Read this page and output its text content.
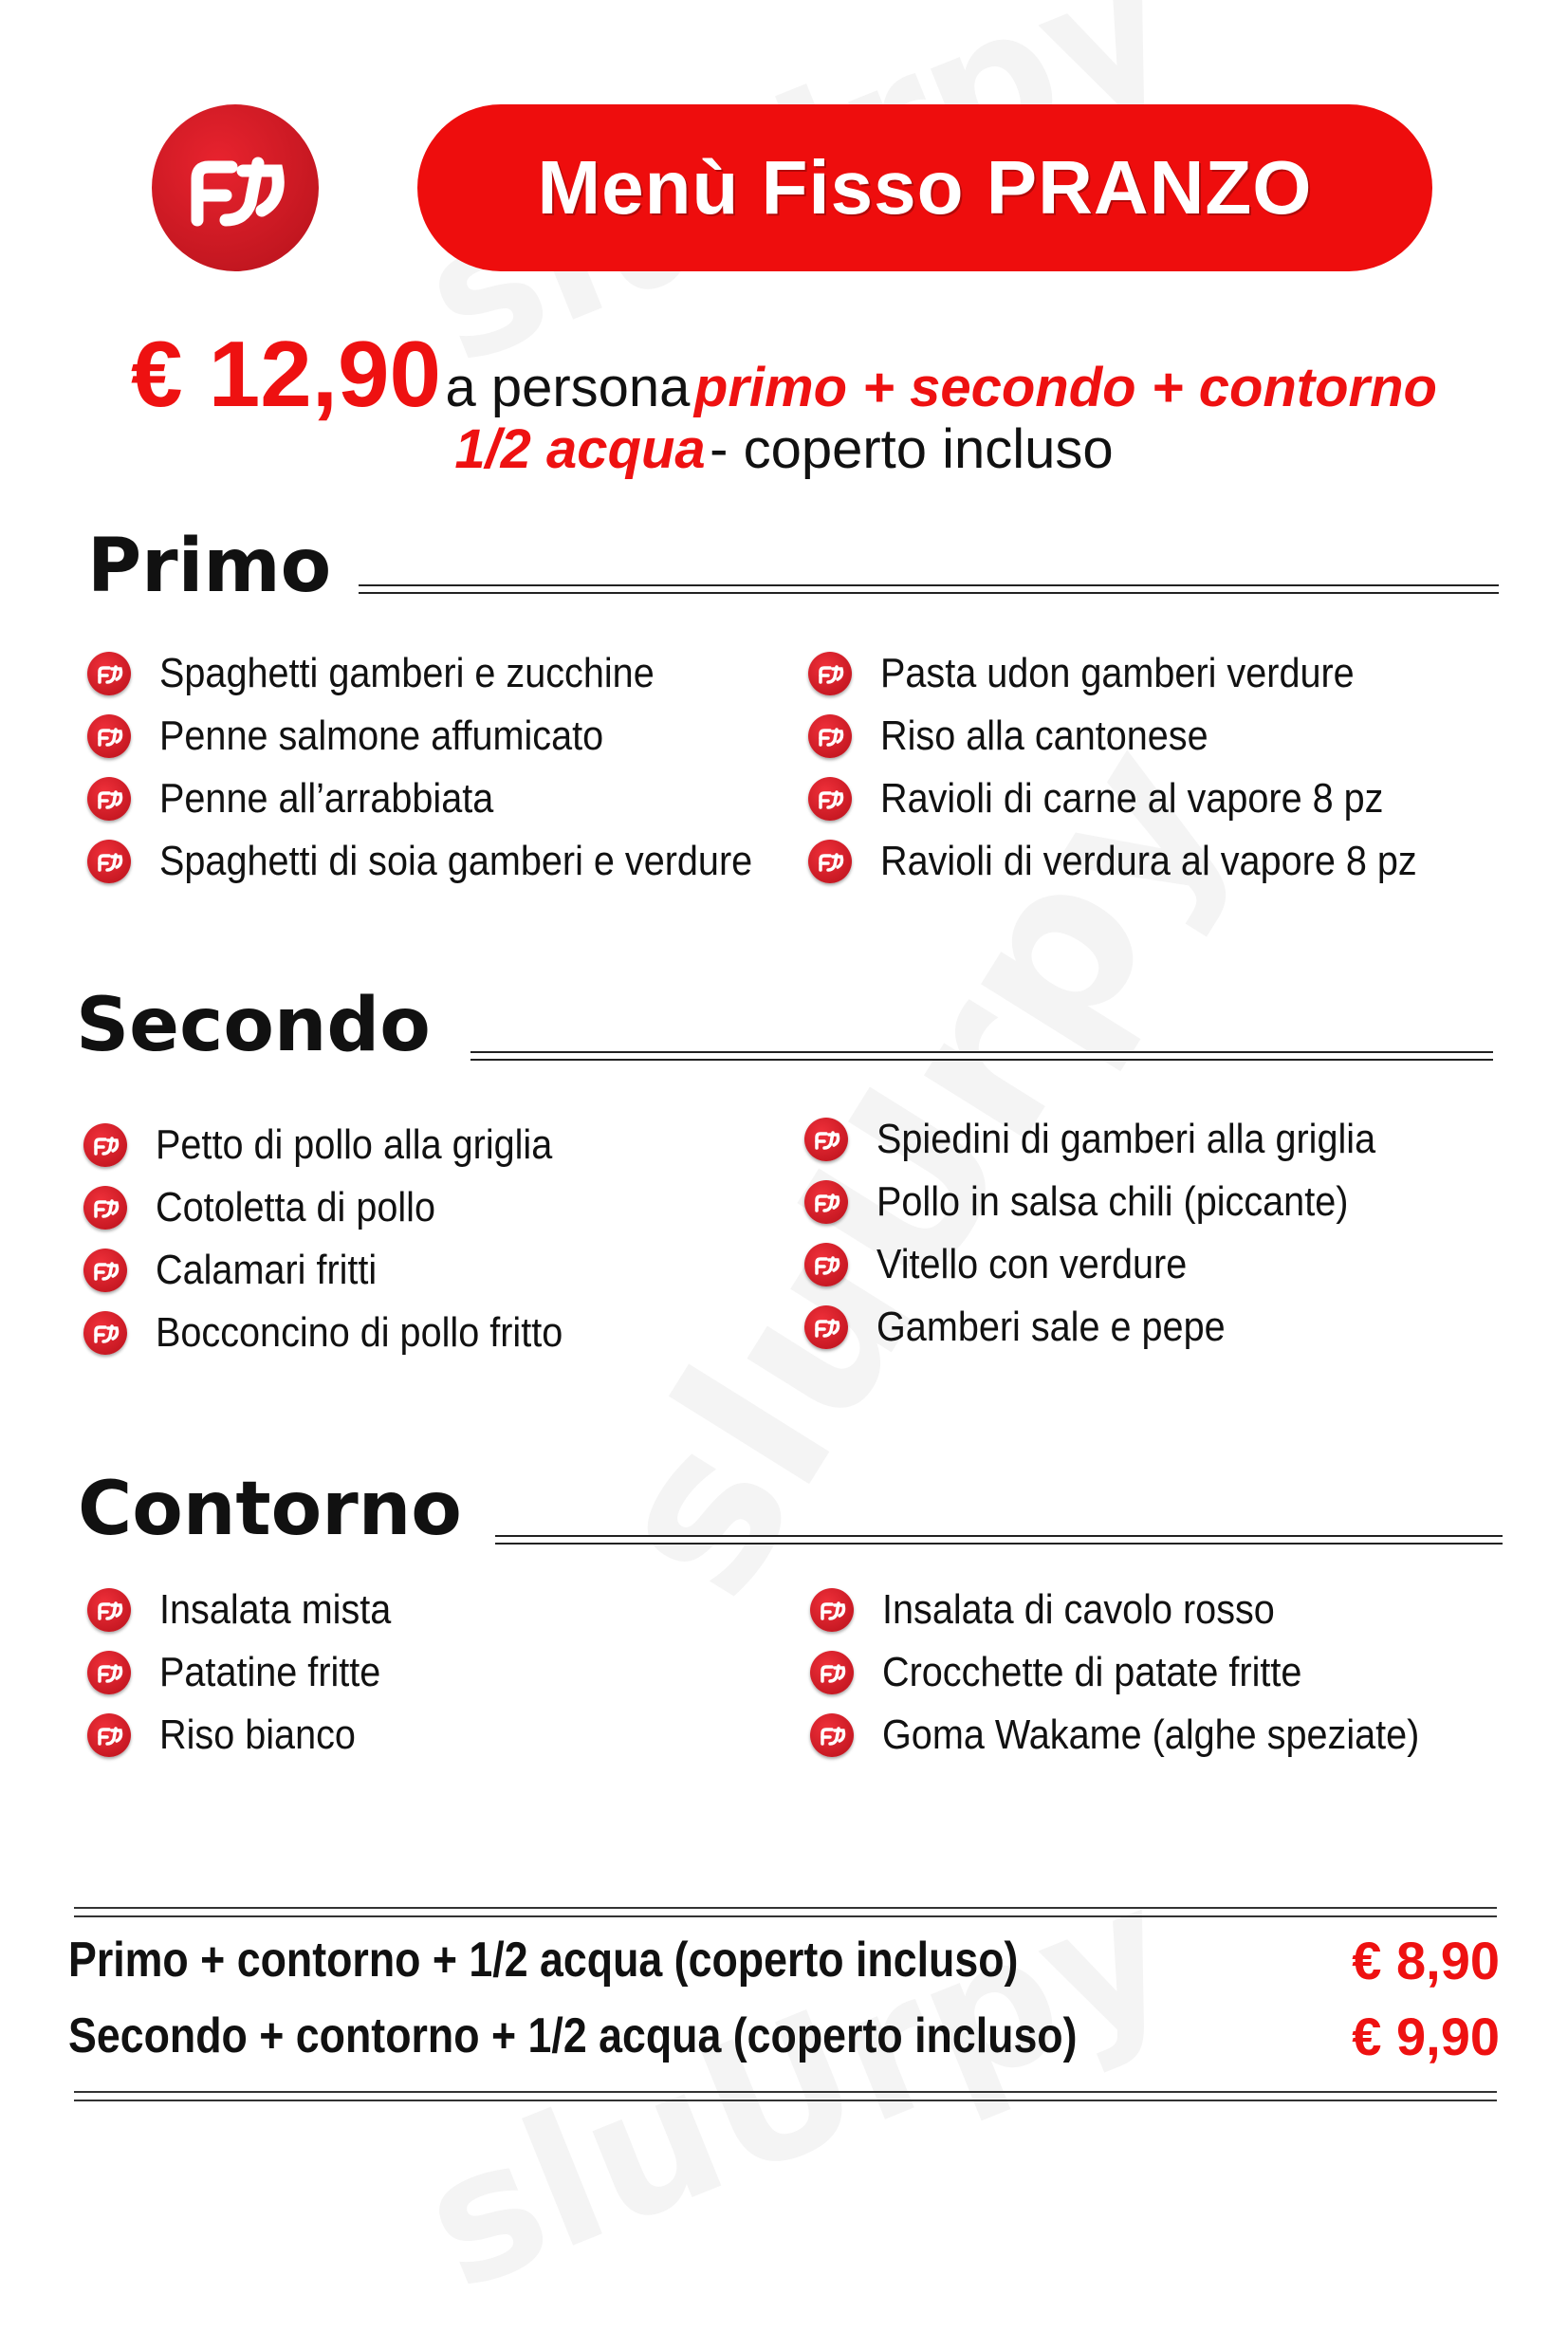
Menù Fisso PRANZO
€ 12,90 a persona primo + secondo + contorno
1/2 acqua - coperto incluso
Primo
Spaghetti gamberi e zucchine
Penne salmone affumicato
Penne all’arrabbiata
Spaghetti di soia gamberi e verdure
Pasta udon gamberi verdure
Riso alla cantonese
Ravioli di carne al vapore 8 pz
Ravioli di verdura al vapore 8 pz
Secondo
Petto di pollo alla griglia
Cotoletta di pollo
Calamari fritti
Bocconcino di pollo fritto
Spiedini di gamberi alla griglia
Pollo in salsa chili (piccante)
Vitello con verdure
Gamberi sale e pepe
Contorno
Insalata mista
Patatine fritte
Riso bianco
Insalata di cavolo rosso
Crocchette di patate fritte
Goma Wakame (alghe speziate)
Primo + contorno + 1/2 acqua (coperto incluso)	€ 8,90
Secondo + contorno + 1/2 acqua (coperto incluso)	€ 9,90
